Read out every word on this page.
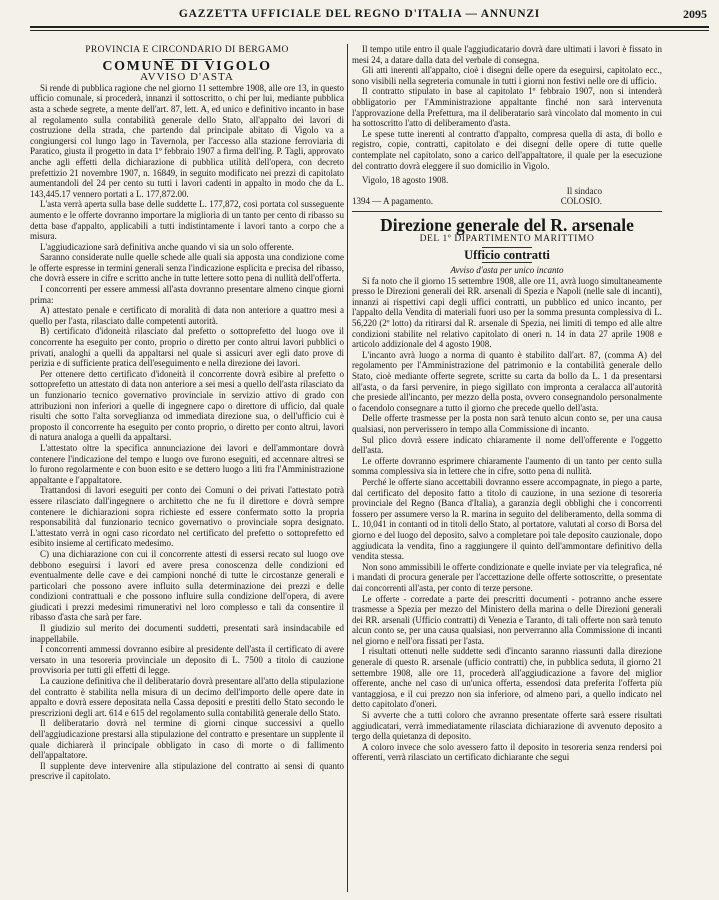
GAZZETTA UFFICIALE DEL REGNO D'ITALIA — ANNUNZI	2095

PROVINCIA E CIRCONDARIO DI BERGAMO

COMUNE DI VIGOLO

AVVISO D'ASTA

Si rende di pubblica ragione che nel giorno 11 settembre 1908, alle ore 13, in questo ufficio comunale, si procederà, innanzi il sottoscritto, o chi per lui, mediante pubblica asta a schede segrete, a mente dell'art. 87, lett. A, ed unico e definitivo incanto in base al regolamento sulla contabilità generale dello Stato, all'appalto dei lavori di costruzione della strada, che partendo dal principale abitato di Vigolo va a congiungersi col lungo lago in Tavernola, per l'accesso alla stazione ferroviaria di Paratico, giusta il progetto in data 1º febbraio 1907 a firma dell'ing. P. Tagli, approvato anche agli effetti della dichiarazione di pubblica utilità dell'opera, con decreto prefettizio 21 novembre 1907, n. 16849, in seguito modificato nei prezzi di capitolato aumentandoli del 24 per cento su tutti i lavori cadenti in appalto in modo che da L. 143,445.17 vennero portati a L. 177,872.00.

L'asta verrà aperta sulla base delle suddette L. 177,872, così portata col susseguente aumento e le offerte dovranno importare la migliorìa di un tanto per cento di ribasso su detta base d'appalto, applicabili a tutti indistintamente i lavori tanto a corpo che a misura.

L'aggiudicazione sarà definitiva anche quando vi sia un solo offerente.

Saranno considerate nulle quelle schede alle quali sia apposta una condizione come le offerte espresse in termini generali senza l'indicazione esplicita e precisa del ribasso, che dovrà essere in cifre e scritto anche in tutte lettere sotto pena di nullità dell'offerta.

I concorrenti per essere ammessi all'asta dovranno presentare almeno cinque giorni prima:

A) attestato penale e certificato di moralità di data non anteriore a quattro mesi a quello per l'asta, rilasciato dalle competenti autorità.

B) certificato d'idoneità rilasciato dal prefetto o sottoprefetto del luogo ove il concorrente ha eseguito per conto, proprio o diretto per conto altrui lavori pubblici o privati, analoghi a quelli da appaltarsi nel quale si assicuri aver egli dato prove di perizia e di sufficiente pratica dell'eseguimento e nella direzione dei lavori.

Per ottenere detto certificato d'idoneità il concorrente dovrà esibire al prefetto o sottoprefetto un attestato di data non anteriore a sei mesi a quello dell'asta rilasciato da un funzionario tecnico governativo provinciale in servizio attivo di grado con attribuzioni non inferiori a quelle di ingegnere capo o direttore di ufficio, dal quale risulti che sotto l'alta sorveglianza od immediata direzione sua, o dell'ufficio cui è proposto il concorrente ha eseguito per conto proprio, o diretto per conto altrui, lavori di natura analoga a quelli da appaltarsi.

L'attestato oltre la specifica annunciazione dei lavori e dell'ammontare dovrà contenere l'indicazione del tempo e luogo ove furono eseguiti, ed accennare altresì se lo furono regolarmente e con buon esito e se dettero luogo a liti fra l'Amministrazione appaltante e l'appaltatore.

Trattandosi di lavori eseguiti per conto dei Comuni o dei privati l'attestato potrà essere rilasciato dall'ingegnere o architetto che ne fu il direttore e dovrà sempre contenere le dichiarazioni sopra richieste ed essere confermato sotto la propria responsabilità dal funzionario tecnico governativo o provinciale sopra designato. L'attestato verrà in ogni caso ricordato nel certificato del prefetto o sottoprefetto ed esibito insieme al certificato medesimo.

C) una dichiarazione con cui il concorrente attesti di essersi recato sul luogo ove debbono eseguirsi i lavori ed avere presa conoscenza delle condizioni ed eventualmente delle cave e dei campioni nonché di tutte le circostanze generali e particolari che possono avere influito sulla determinazione dei prezzi e delle condizioni contrattuali e che possono influire sulla condizione dell'opera, di avere giudicati i prezzi medesimi rimunerativi nel loro complesso e tali da consentire il ribasso d'asta che sarà per fare.

Il giudizio sul merito dei documenti suddetti, presentati sarà insindacabile ed inappellabile.

I concorrenti ammessi dovranno esibire al presidente dell'asta il certificato di avere versato in una tesoreria provinciale un deposito di L. 7500 a titolo di cauzione provvisoria per tutti gli effetti di legge.

La cauzione definitiva che il deliberatario dovrà presentare all'atto della stipulazione del contratto è stabilita nella misura di un decimo dell'importo delle opere date in appalto e dovrà essere depositata nella Cassa depositi e prestiti dello Stato secondo le prescrizioni degli art. 614 e 615 del regolamento sulla contabilità generale dello Stato.

Il deliberatario dovrà nel termine di giorni cinque successivi a quello dell'aggiudicazione prestarsi alla stipulazione del contratto e presentare un supplente il quale dichiarerà il principale obbligato in caso di morte o di fallimento dell'appaltatore.

Il supplente deve intervenire alla stipulazione del contratto ai sensi di quanto prescrive il capitolato.

Il tempo utile entro il quale l'aggiudicatario dovrà dare ultimati i lavori è fissato in mesi 24, a datare dalla data del verbale di consegna.

Gli atti inerenti all'appalto, cioè i disegni delle opere da eseguirsi, capitolato ecc., sono visibili nella segreteria comunale in tutti i giorni non festivi nelle ore di ufficio.

Il contratto stipulato in base al capitolato 1º febbraio 1907, non si intenderà obbligatorio per l'Amministrazione appaltante finché non sarà intervenuta l'approvazione della Prefettura, ma il deliberatario sarà vincolato dal momento in cui ha sottoscritto l'atto di deliberamento d'asta.

Le spese tutte inerenti al contratto d'appalto, compresa quella di asta, di bollo e registro, copie, contratti, capitolato e dei disegni delle opere di tutte quelle contemplate nel capitolato, sono a carico dell'appaltatore, il quale per la esecuzione del contratto dovrà eleggere il suo domicilio in Vigolo.

Vigolo, 18 agosto 1908.

Il sindaco
1394 — A pagamento.	COLOSIO.

Direzione generale del R. arsenale

DEL 1º DIPARTIMENTO MARITTIMO

Ufficio contratti

Avviso d'asta per unico incanto

Si fa noto che il giorno 15 settembre 1908, alle ore 11, avrà luogo simultaneamente presso le Direzioni generali dei RR. arsenali di Spezia e Napoli (nelle sale di incanti), innanzi ai rispettivi capi degli uffici contratti, un pubblico ed unico incanto, per l'appalto della Vendita di materiali fuori uso per la somma presunta complessiva di L. 56,220 (2º lotto) da ritirarsi dal R. arsenale di Spezia, nei limiti di tempo ed alle altre condizioni stabilite nel relativo capitolato di oneri n. 14 in data 27 aprile 1908 e articolo addizionale del 4 agosto 1908.

L'incanto avrà luogo a norma di quanto è stabilito dall'art. 87, (comma A) del regolamento per l'Amministrazione del patrimonio e la contabilità generale dello Stato, cioè mediante offerte segrete, scritte su carta da bollo da L. 1 da presentarsi all'asta, o da farsi pervenire, in piego sigillato con impronta a ceralacca all'autorità che presiede all'incanto, per mezzo della posta, ovvero consegnandolo personalmente o facendolo consegnare a tutto il giorno che precede quello dell'asta.

Delle offerte trasmesse per la posta non sarà tenuto alcun conto se, per una causa qualsiasi, non perverissero in tempo alla Commissione di incanto.

Sul plico dovrà essere indicato chiaramente il nome dell'offerente e l'oggetto dell'asta.

Le offerte dovranno esprimere chiaramente l'aumento di un tanto per cento sulla somma complessiva sia in lettere che in cifre, sotto pena di nullità.

Perché le offerte siano accettabili dovranno essere accompagnate, in piego a parte, dal certificato del deposito fatto a titolo di cauzione, in una sezione di tesoreria provinciale del Regno (Banca d'Italia), a garanzia degli obblighi che i concorrenti fossero per assumere verso la R. marina in seguito del deliberamento, della somma di L. 10,041 in contanti od in titoli dello Stato, al portatore, valutati al corso di Borsa del giorno e del luogo del deposito, salvo a completare poi tale deposito cauzionale, dopo aggiudicata la vendita, fino a raggiungere il quinto dell'ammontare definitivo della vendita stessa.

Non sono ammissibili le offerte condizionate e quelle inviate per via telegrafica, né i mandati di procura generale per l'accettazione delle offerte sottoscritte, o presentate dai concorrenti all'asta, per conto di terze persone.

Le offerte - corredate a parte dei prescritti documenti - potranno anche essere trasmesse a Spezia per mezzo del Ministero della marina o delle Direzioni generali dei RR. arsenali (Ufficio contratti) di Venezia e Taranto, di tali offerte non sarà tenuto alcun conto se, per una causa qualsiasi, non perverranno alla Commissione di incanti nel giorno e nell'ora fissati per l'asta.

I risultati ottenuti nelle suddette sedi d'incanto saranno riassunti dalla direzione generale di questo R. arsenale (ufficio contratti) che, in pubblica seduta, il giorno 21 settembre 1908, alle ore 11, procederà all'aggiudicazione a favore del miglior offerente, anche nel caso di un'unica offerta, essendosi data preferita l'offerta più vantaggiosa, e il cui prezzo non sia inferiore, od almeno pari, a quello indicato nel detto capitolato d'oneri.

Si avverte che a tutti coloro che avranno presentate offerte sarà essere risultati aggiudicatari, verrà immediatamente rilasciata dichiarazione di avvenuto deposito a tergo della quietanza di deposito.

A coloro invece che solo avessero fatto il deposito in tesoreria senza rendersi poi offerenti, verrà rilasciato un certificato dichiarante che segui
